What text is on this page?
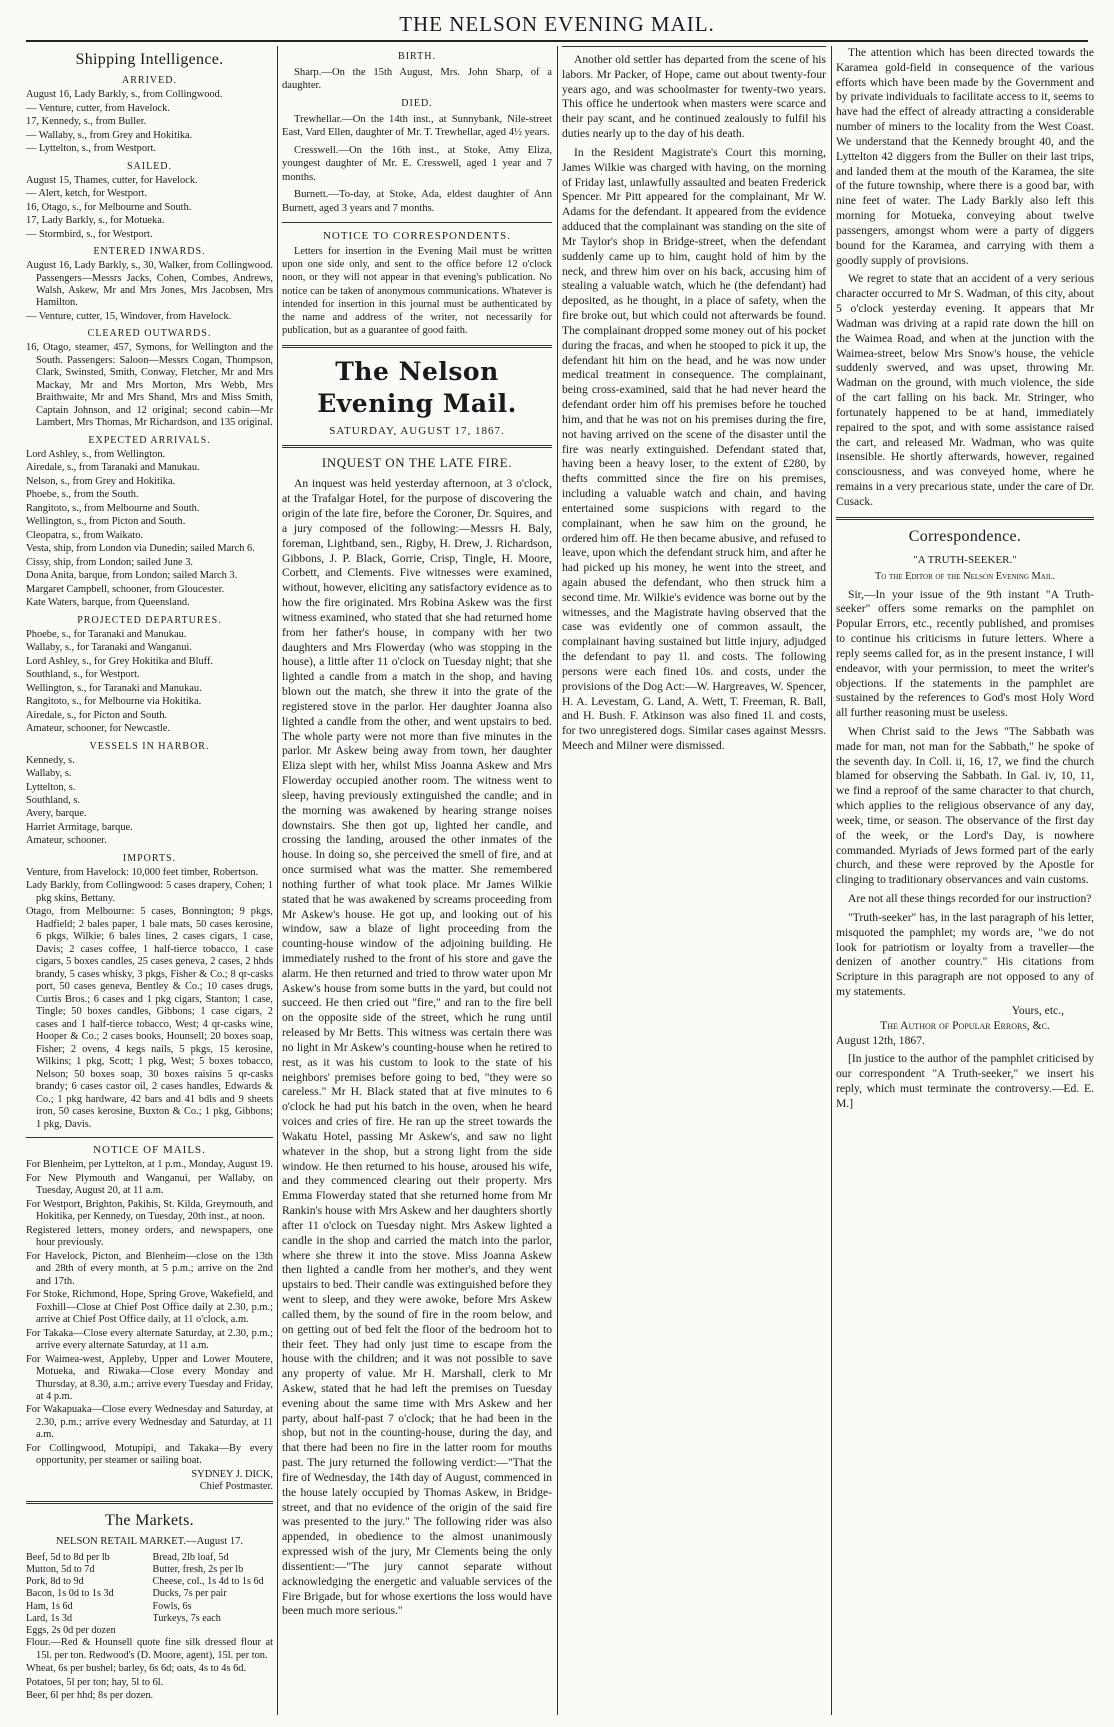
THE NELSON EVENING MAIL.
Shipping Intelligence.
ARRIVED.

August 16, Lady Barkly, s., from Collingwood.

— Venture, cutter, from Havelock.

17, Kennedy, s., from Buller.

— Wallaby, s., from Grey and Hokitika.

— Lyttelton, s., from Westport.

SAILED.

August 15, Thames, cutter, for Havelock.

— Alert, ketch, for Westport.

16, Otago, s., for Melbourne and South.

17, Lady Barkly, s., for Motueka.

— Stormbird, s., for Westport.

ENTERED INWARDS.

August 16, Lady Barkly, s., 30, Walker, from Collingwood. Passengers—Messrs Jacks, Cohen, Combes, Andrews, Walsh, Askew, Mr and Mrs Jones, Mrs Jacobsen, Mrs Hamilton.

— Venture, cutter, 15, Windover, from Havelock.

CLEARED OUTWARDS.

16, Otago, steamer, 457, Symons, for Wellington and the South. Passengers: Saloon—Messrs Cogan, Thompson, Clark, Swinsted, Smith, Conway, Fletcher, Mr and Mrs Mackay, Mr and Mrs Morton, Mrs Webb, Mrs Braithwaite, Mr and Mrs Shand, Mrs and Miss Smith, Captain Johnson, and 12 original; second cabin—Mr Lambert, Mrs Thomas, Mr Richardson, and 135 original.

EXPECTED ARRIVALS.

Lord Ashley, s., from Wellington.

Airedale, s., from Taranaki and Manukau.

Nelson, s., from Grey and Hokitika.

Phoebe, s., from the South.

Rangitoto, s., from Melbourne and South.

Wellington, s., from Picton and South.

Cleopatra, s., from Waikato.

Vesta, ship, from London via Dunedin; sailed March 6.

Cissy, ship, from London; sailed June 3.

Dona Anita, barque, from London; sailed March 3.

Margaret Campbell, schooner, from Gloucester.

Kate Waters, barque, from Queensland.

PROJECTED DEPARTURES.

Phoebe, s., for Taranaki and Manukau.

Wallaby, s., for Taranaki and Wanganui.

Lord Ashley, s., for Grey Hokitika and Bluff.

Southland, s., for Westport.

Wellington, s., for Taranaki and Manukau.

Rangitoto, s., for Melbourne via Hokitika.

Airedale, s., for Picton and South.

Amateur, schooner, for Newcastle.

VESSELS IN HARBOR.

Kennedy, s.

Wallaby, s.

Lyttelton, s.

Southland, s.

Avery, barque.

Harriet Armitage, barque.

Amateur, schooner.

IMPORTS.

Venture, from Havelock: 10,000 feet timber, Robertson.

Lady Barkly, from Collingwood: 5 cases drapery, Cohen; 1 pkg skins, Bettany.

Otago, from Melbourne: 5 cases, Bonnington; 9 pkgs, Hadfield; 2 bales paper, 1 bale mats, 50 cases kerosine, 6 pkgs, Wilkie; 6 bales lines, 2 cases cigars, 1 case, Davis; 2 cases coffee, 1 half-tierce tobacco, 1 case cigars, 5 boxes candles, 25 cases geneva, 2 cases, 2 hhds brandy, 5 cases whisky, 3 pkgs, Fisher & Co.; 8 qr-casks port, 50 cases geneva, Bentley & Co.; 10 cases drugs, Curtis Bros.; 6 cases and 1 pkg cigars, Stanton; 1 case, Tingle; 50 boxes candles, Gibbons; 1 case cigars, 2 cases and 1 half-tierce tobacco, West; 4 qr-casks wine, Hooper & Co.; 2 cases books, Hounsell; 20 boxes soap, Fisher; 2 ovens, 4 kegs nails, 5 pkgs, 15 kerosine, Wilkins; 1 pkg, Scott; 1 pkg, West; 5 boxes tobacco, Nelson; 50 boxes soap, 30 boxes raisins 5 qr-casks brandy; 6 cases castor oil, 2 cases handles, Edwards & Co.; 1 pkg hardware, 42 bars and 41 bdls and 9 sheets iron, 50 cases kerosine, Buxton & Co.; 1 pkg, Gibbons; 1 pkg, Davis.

NOTICE OF MAILS.

For Blenheim, per Lyttelton, at 1 p.m., Monday, August 19.

For New Plymouth and Wanganui, per Wallaby, on Tuesday, August 20, at 11 a.m.

For Westport, Brighton, Pakihis, St. Kilda, Greymouth, and Hokitika, per Kennedy, on Tuesday, 20th inst., at noon.

Registered letters, money orders, and newspapers, one hour previously.

For Havelock, Picton, and Blenheim—close on the 13th and 28th of every month, at 5 p.m.; arrive on the 2nd and 17th.

For Stoke, Richmond, Hope, Spring Grove, Wakefield, and Foxhill—Close at Chief Post Office daily at 2.30, p.m.; arrive at Chief Post Office daily, at 11 o'clock, a.m.

For Takaka—Close every alternate Saturday, at 2.30, p.m.; arrive every alternate Saturday, at 11 a.m.

For Waimea-west, Appleby, Upper and Lower Moutere, Motueka, and Riwaka—Close every Monday and Thursday, at 8.30, a.m.; arrive every Tuesday and Friday, at 4 p.m.

For Wakapuaka—Close every Wednesday and Saturday, at 2.30, p.m.; arrive every Wednesday and Saturday, at 11 a.m.

For Collingwood, Motupipi, and Takaka—By every opportunity, per steamer or sailing boat.

SYDNEY J. DICK,
Chief Postmaster.
The Markets.
NELSON RETAIL MARKET.—August 17.
Beef, 5d to 8d per lb	Bread, 2lb loaf, 5d
Mutton, 5d to 7d	Butter, fresh, 2s per lb
Pork, 8d to 9d	Cheese, col., 1s 4d to 1s 6d
Bacon, 1s 0d to 1s 3d	Ducks, 7s per pair
Ham, 1s 6d	Fowls, 6s
Lard, 1s 3d	Turkeys, 7s each
Eggs, 2s 0d per dozen

Flour.—Red & Hounsell quote fine silk dressed flour at 15l. per ton. Redwood's (D. Moore, agent), 15l. per ton.

Wheat, 6s per bushel; barley, 6s 6d; oats, 4s to 4s 6d.

Potatoes, 5l per ton; hay, 5l to 6l.

Beer, 6l per hhd; 8s per dozen.

BIRTH.

Sharp.—On the 15th August, Mrs. John Sharp, of a daughter.

DIED.

Trewhellar.—On the 14th inst., at Sunnybank, Nile-street East, Vard Ellen, daughter of Mr. T. Trewhellar, aged 4½ years.

Cresswell.—On the 16th inst., at Stoke, Amy Eliza, youngest daughter of Mr. E. Cresswell, aged 1 year and 7 months.

Burnett.—To-day, at Stoke, Ada, eldest daughter of Ann Burnett, aged 3 years and 7 months.

NOTICE TO CORRESPONDENTS.

Letters for insertion in the Evening Mail must be written upon one side only, and sent to the office before 12 o'clock noon, or they will not appear in that evening's publication. No notice can be taken of anonymous communications. Whatever is intended for insertion in this journal must be authenticated by the name and address of the writer, not necessarily for publication, but as a guarantee of good faith.

The Nelson Evening Mail.
SATURDAY, AUGUST 17, 1867.
INQUEST ON THE LATE FIRE.

An inquest was held yesterday afternoon, at 3 o'clock, at the Trafalgar Hotel, for the purpose of discovering the origin of the late fire, before the Coroner, Dr. Squires, and a jury composed of the following:—Messrs H. Baly, foreman, Lightband, sen., Rigby, H. Drew, J. Richardson, Gibbons, J. P. Black, Gorrie, Crisp, Tingle, H. Moore, Corbett, and Clements. Five witnesses were examined, without, however, eliciting any satisfactory evidence as to how the fire originated. Mrs Robina Askew was the first witness examined, who stated that she had returned home from her father's house, in company with her two daughters and Mrs Flowerday (who was stopping in the house), a little after 11 o'clock on Tuesday night; that she lighted a candle from a match in the shop, and having blown out the match, she threw it into the grate of the registered stove in the parlor. Her daughter Joanna also lighted a candle from the other, and went upstairs to bed. The whole party were not more than five minutes in the parlor. Mr Askew being away from town, her daughter Eliza slept with her, whilst Miss Joanna Askew and Mrs Flowerday occupied another room. The witness went to sleep, having previously extinguished the candle; and in the morning was awakened by hearing strange noises downstairs. She then got up, lighted her candle, and crossing the landing, aroused the other inmates of the house. In doing so, she perceived the smell of fire, and at once surmised what was the matter. She remembered nothing further of what took place. Mr James Wilkie stated that he was awakened by screams proceeding from Mr Askew's house. He got up, and looking out of his window, saw a blaze of light proceeding from the counting-house window of the adjoining building. He immediately rushed to the front of his store and gave the alarm. He then returned and tried to throw water upon Mr Askew's house from some butts in the yard, but could not succeed. He then cried out "fire," and ran to the fire bell on the opposite side of the street, which he rung until released by Mr Betts. This witness was certain there was no light in Mr Askew's counting-house when he retired to rest, as it was his custom to look to the state of his neighbors' premises before going to bed, "they were so careless." Mr H. Black stated that at five minutes to 6 o'clock he had put his batch in the oven, when he heard voices and cries of fire. He ran up the street towards the Wakatu Hotel, passing Mr Askew's, and saw no light whatever in the shop, but a strong light from the side window. He then returned to his house, aroused his wife, and they commenced clearing out their property. Mrs Emma Flowerday stated that she returned home from Mr Rankin's house with Mrs Askew and her daughters shortly after 11 o'clock on Tuesday night. Mrs Askew lighted a candle in the shop and carried the match into the parlor, where she threw it into the stove. Miss Joanna Askew then lighted a candle from her mother's, and they went upstairs to bed. Their candle was extinguished before they went to sleep, and they were awoke, before Mrs Askew called them, by the sound of fire in the room below, and on getting out of bed felt the floor of the bedroom hot to their feet. They had only just time to escape from the house with the children; and it was not possible to save any property of value. Mr H. Marshall, clerk to Mr Askew, stated that he had left the premises on Tuesday evening about the same time with Mrs Askew and her party, about half-past 7 o'clock; that he had been in the shop, but not in the counting-house, during the day, and that there had been no fire in the latter room for mouths past. The jury returned the following verdict:—"That the fire of Wednesday, the 14th day of August, commenced in the house lately occupied by Thomas Askew, in Bridge-street, and that no evidence of the origin of the said fire was presented to the jury." The following rider was also appended, in obedience to the almost unanimously expressed wish of the jury, Mr Clements being the only dissentient:—"The jury cannot separate without acknowledging the energetic and valuable services of the Fire Brigade, but for whose exertions the loss would have been much more serious."

Another old settler has departed from the scene of his labors. Mr Packer, of Hope, came out about twenty-four years ago, and was schoolmaster for twenty-two years. This office he undertook when masters were scarce and their pay scant, and he continued zealously to fulfil his duties nearly up to the day of his death.

In the Resident Magistrate's Court this morning, James Wilkie was charged with having, on the morning of Friday last, unlawfully assaulted and beaten Frederick Spencer. Mr Pitt appeared for the complainant, Mr W. Adams for the defendant. It appeared from the evidence adduced that the complainant was standing on the site of Mr Taylor's shop in Bridge-street, when the defendant suddenly came up to him, caught hold of him by the neck, and threw him over on his back, accusing him of stealing a valuable watch, which he (the defendant) had deposited, as he thought, in a place of safety, when the fire broke out, but which could not afterwards be found. The complainant dropped some money out of his pocket during the fracas, and when he stooped to pick it up, the defendant hit him on the head, and he was now under medical treatment in consequence. The complainant, being cross-examined, said that he had never heard the defendant order him off his premises before he touched him, and that he was not on his premises during the fire, not having arrived on the scene of the disaster until the fire was nearly extinguished. Defendant stated that, having been a heavy loser, to the extent of £280, by thefts committed since the fire on his premises, including a valuable watch and chain, and having entertained some suspicions with regard to the complainant, when he saw him on the ground, he ordered him off. He then became abusive, and refused to leave, upon which the defendant struck him, and after he had picked up his money, he went into the street, and again abused the defendant, who then struck him a second time. Mr. Wilkie's evidence was borne out by the witnesses, and the Magistrate having observed that the case was evidently one of common assault, the complainant having sustained but little injury, adjudged the defendant to pay 1l. and costs. The following persons were each fined 10s. and costs, under the provisions of the Dog Act:—W. Hargreaves, W. Spencer, H. A. Levestam, G. Land, A. Wett, T. Freeman, R. Ball, and H. Bush. F. Atkinson was also fined 1l. and costs, for two unregistered dogs. Similar cases against Messrs. Meech and Milner were dismissed.

The attention which has been directed towards the Karamea gold-field in consequence of the various efforts which have been made by the Government and by private individuals to facilitate access to it, seems to have had the effect of already attracting a considerable number of miners to the locality from the West Coast. We understand that the Kennedy brought 40, and the Lyttelton 42 diggers from the Buller on their last trips, and landed them at the mouth of the Karamea, the site of the future township, where there is a good bar, with nine feet of water. The Lady Barkly also left this morning for Motueka, conveying about twelve passengers, amongst whom were a party of diggers bound for the Karamea, and carrying with them a goodly supply of provisions.

We regret to state that an accident of a very serious character occurred to Mr S. Wadman, of this city, about 5 o'clock yesterday evening. It appears that Mr Wadman was driving at a rapid rate down the hill on the Waimea Road, and when at the junction with the Waimea-street, below Mrs Snow's house, the vehicle suddenly swerved, and was upset, throwing Mr. Wadman on the ground, with much violence, the side of the cart falling on his back. Mr. Stringer, who fortunately happened to be at hand, immediately repaired to the spot, and with some assistance raised the cart, and released Mr. Wadman, who was quite insensible. He shortly afterwards, however, regained consciousness, and was conveyed home, where he remains in a very precarious state, under the care of Dr. Cusack.

Correspondence.
"A TRUTH-SEEKER."
To the Editor of the Nelson Evening Mail.

Sir,—In your issue of the 9th instant "A Truth-seeker" offers some remarks on the pamphlet on Popular Errors, etc., recently published, and promises to continue his criticisms in future letters. Where a reply seems called for, as in the present instance, I will endeavor, with your permission, to meet the writer's objections. If the statements in the pamphlet are sustained by the references to God's most Holy Word all further reasoning must be useless.

When Christ said to the Jews "The Sabbath was made for man, not man for the Sabbath," he spoke of the seventh day. In Coll. ii, 16, 17, we find the church blamed for observing the Sabbath. In Gal. iv, 10, 11, we find a reproof of the same character to that church, which applies to the religious observance of any day, week, time, or season. The observance of the first day of the week, or the Lord's Day, is nowhere commanded. Myriads of Jews formed part of the early church, and these were reproved by the Apostle for clinging to traditionary observances and vain customs.

Are not all these things recorded for our instruction?

"Truth-seeker" has, in the last paragraph of his letter, misquoted the pamphlet; my words are, "we do not look for patriotism or loyalty from a traveller—the denizen of another country." His citations from Scripture in this paragraph are not opposed to any of my statements.

Yours, etc.,
The Author of Popular Errors, &c.
August 12th, 1867.

[In justice to the author of the pamphlet criticised by our correspondent "A Truth-seeker," we insert his reply, which must terminate the controversy.—Ed. E. M.]
